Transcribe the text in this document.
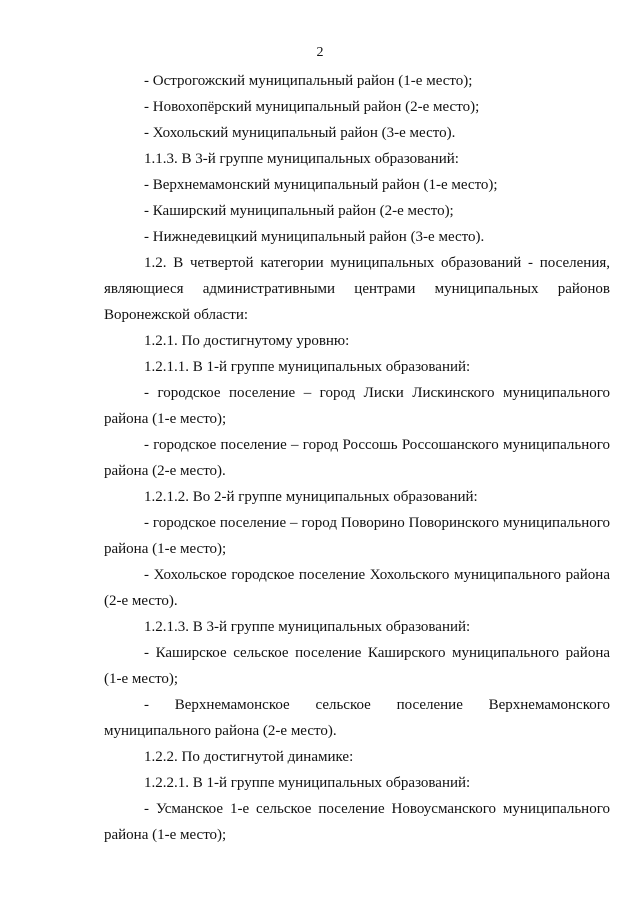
2

- Острогожский муниципальный район (1-е место);

- Новохопёрский муниципальный район (2-е место);

- Хохольский муниципальный район (3-е место).

1.1.3. В 3-й группе муниципальных образований:

- Верхнемамонский муниципальный район (1-е место);

- Каширский муниципальный район (2-е место);

- Нижнедевицкий муниципальный район (3-е место).

1.2. В четвертой категории муниципальных образований - поселения, являющиеся административными центрами муниципальных районов Воронежской области:

1.2.1. По достигнутому уровню:

1.2.1.1. В 1-й группе муниципальных образований:

- городское поселение – город Лиски Лискинского муниципального района (1-е место);

- городское поселение – город Россошь Россошанского муниципального района (2-е место).

1.2.1.2. Во 2-й группе муниципальных образований:

- городское поселение – город Поворино Поворинского муниципального района (1-е место);

- Хохольское городское поселение Хохольского муниципального района (2-е место).

1.2.1.3. В 3-й группе муниципальных образований:

- Каширское сельское поселение Каширского муниципального района (1-е место);

- Верхнемамонское сельское поселение Верхнемамонского муниципального района (2-е место).

1.2.2. По достигнутой динамике:

1.2.2.1. В 1-й группе муниципальных образований:

- Усманское 1-е сельское поселение Новоусманского муниципального района (1-е место);
